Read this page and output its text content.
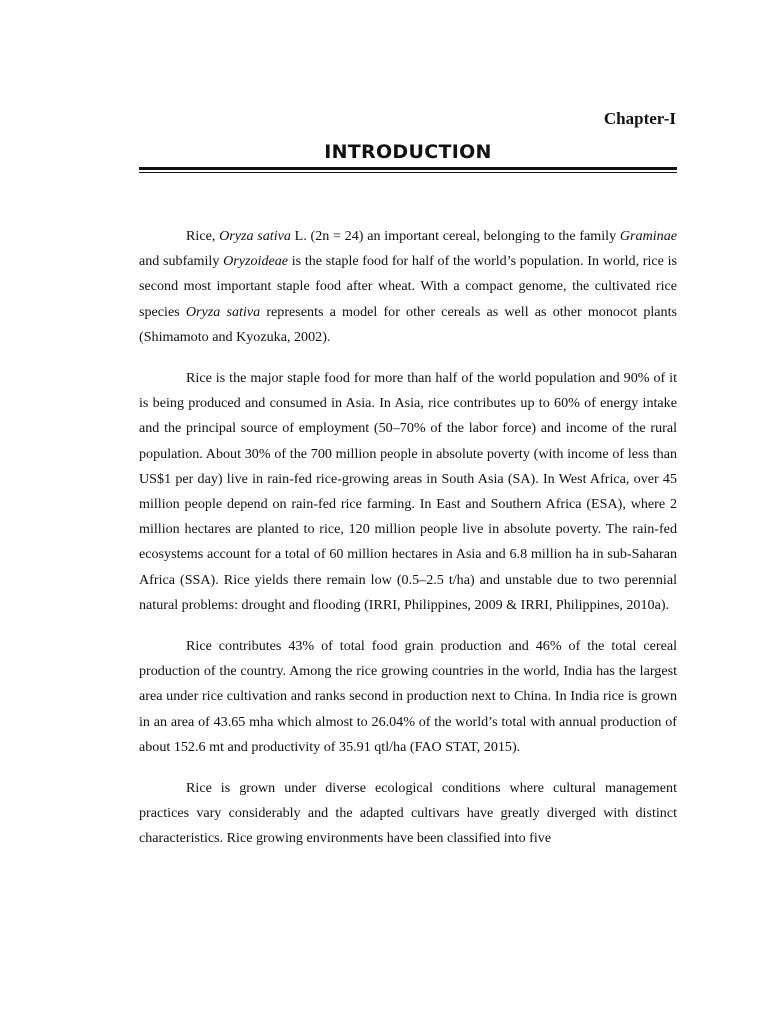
Chapter-I
INTRODUCTION

Rice, Oryza sativa L. (2n = 24) an important cereal, belonging to the family Graminae and subfamily Oryzoideae is the staple food for half of the world’s population. In world, rice is second most important staple food after wheat. With a compact genome, the cultivated rice species Oryza sativa represents a model for other cereals as well as other monocot plants (Shimamoto and Kyozuka, 2002).

Rice is the major staple food for more than half of the world population and 90% of it is being produced and consumed in Asia. In Asia, rice contributes up to 60% of energy intake and the principal source of employment (50–70% of the labor force) and income of the rural population. About 30% of the 700 million people in absolute poverty (with income of less than US$1 per day) live in rain-fed rice-growing areas in South Asia (SA). In West Africa, over 45 million people depend on rain-fed rice farming. In East and Southern Africa (ESA), where 2 million hectares are planted to rice, 120 million people live in absolute poverty. The rain-fed ecosystems account for a total of 60 million hectares in Asia and 6.8 million ha in sub-Saharan Africa (SSA). Rice yields there remain low (0.5–2.5 t/ha) and unstable due to two perennial natural problems: drought and flooding (IRRI, Philippines, 2009 & IRRI, Philippines, 2010a).

Rice contributes 43% of total food grain production and 46% of the total cereal production of the country. Among the rice growing countries in the world, India has the largest area under rice cultivation and ranks second in production next to China. In India rice is grown in an area of 43.65 mha which almost to 26.04% of the world’s total with annual production of about 152.6 mt and productivity of 35.91 qtl/ha (FAO STAT, 2015).

Rice is grown under diverse ecological conditions where cultural management practices vary considerably and the adapted cultivars have greatly diverged with distinct characteristics. Rice growing environments have been classified into five
